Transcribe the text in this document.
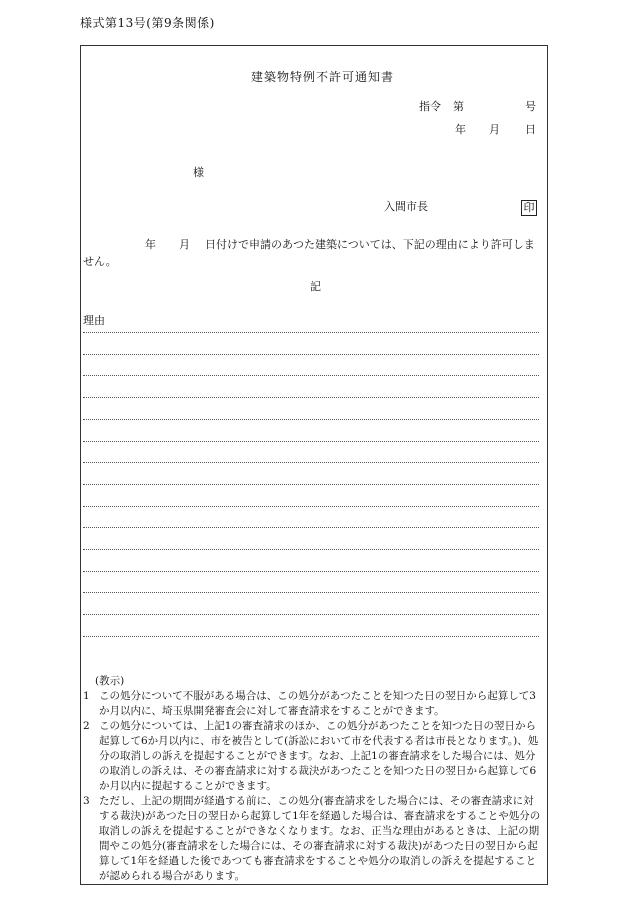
様式第13号(第9条関係)
建築物特例不許可通知書
指令 第	号
年 月 日
様
入間市長	印
年 月	日付けで申請のあつた建築については、下記の理由により許可しません。
記
理由
(教示)
1 この処分について不服がある場合は、この処分があつたことを知つた日の翌日から起算して3か月以内に、埼玉県開発審査会に対して審査請求をすることができます。
2 この処分については、上記1の審査請求のほか、この処分があつたことを知つた日の翌日から起算して6か月以内に、市を被告として(訴訟において市を代表する者は市長となります。)、処分の取消しの訴えを提起することができます。なお、上記1の審査請求をした場合には、処分の取消しの訴えは、その審査請求に対する裁決があつたことを知つた日の翌日から起算して6か月以内に提起することができます。
3 ただし、上記の期間が経過する前に、この処分(審査請求をした場合には、その審査請求に対する裁決)があつた日の翌日から起算して1年を経過した場合は、審査請求をすることや処分の取消しの訴えを提起することができなくなります。なお、正当な理由があるときは、上記の期間やこの処分(審査請求をした場合には、その審査請求に対する裁決)があつた日の翌日から起算して1年を経過した後であつても審査請求をすることや処分の取消しの訴えを提起することが認められる場合があります。
